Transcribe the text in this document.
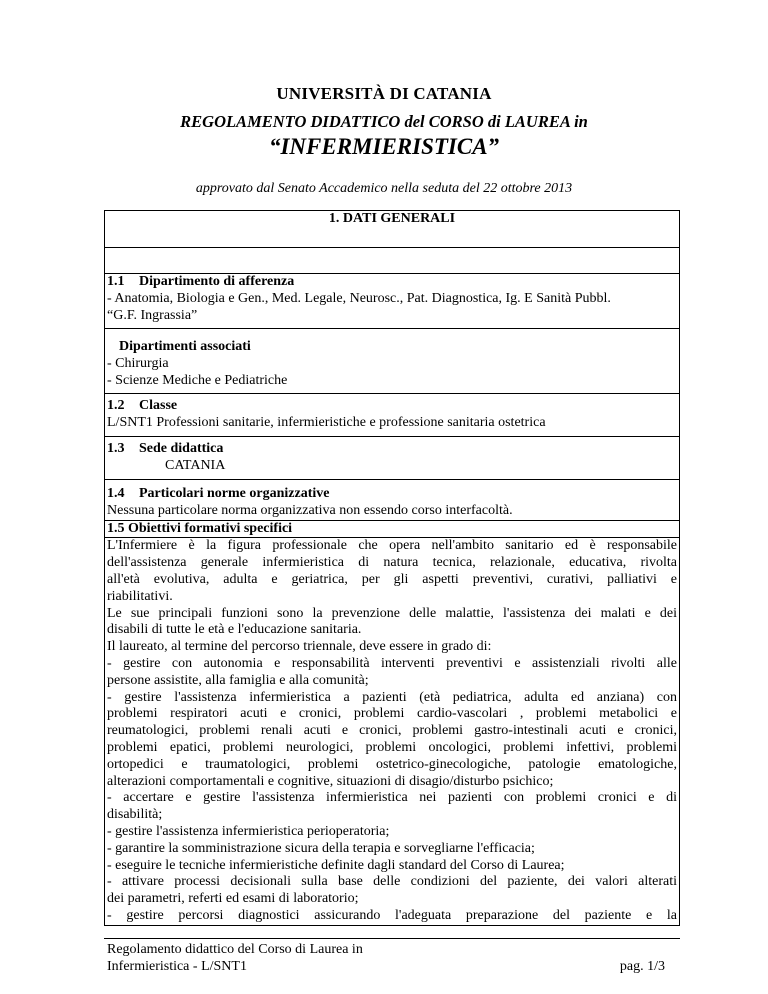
UNIVERSITÀ DI CATANIA
REGOLAMENTO DIDATTICO del CORSO di LAUREA in
“INFERMIERISTICA”
approvato dal Senato Accademico nella seduta del 22 ottobre 2013
1. DATI GENERALI

1.1 Dipartimento di afferenza
- Anatomia, Biologia e Gen., Med. Legale, Neurosc., Pat. Diagnostica, Ig. E Sanità Pubbl.
“G.F. Ingrassia”

Dipartimenti associati
- Chirurgia
- Scienze Mediche e Pediatriche

1.2 Classe
L/SNT1 Professioni sanitarie, infermieristiche e professione sanitaria ostetrica

1.3 Sede didattica
CATANIA

1.4 Particolari norme organizzative
Nessuna particolare norma organizzativa non essendo corso interfacoltà.

1.5 Obiettivi formativi specifici

L'Infermiere è la figura professionale che opera nell'ambito sanitario ed è responsabile
dell'assistenza generale infermieristica di natura tecnica, relazionale, educativa, rivolta
all'età evolutiva, adulta e geriatrica, per gli aspetti preventivi, curativi, palliativi e
riabilitativi.
Le sue principali funzioni sono la prevenzione delle malattie, l'assistenza dei malati e dei
disabili di tutte le età e l'educazione sanitaria.
Il laureato, al termine del percorso triennale, deve essere in grado di:
- gestire con autonomia e responsabilità interventi preventivi e assistenziali rivolti alle
persone assistite, alla famiglia e alla comunità;
- gestire l'assistenza infermieristica a pazienti (età pediatrica, adulta ed anziana) con
problemi respiratori acuti e cronici, problemi cardio-vascolari , problemi metabolici e
reumatologici, problemi renali acuti e cronici, problemi gastro-intestinali acuti e cronici,
problemi epatici, problemi neurologici, problemi oncologici, problemi infettivi, problemi
ortopedici e traumatologici, problemi ostetrico-ginecologiche, patologie ematologiche,
alterazioni comportamentali e cognitive, situazioni di disagio/disturbo psichico;
- accertare e gestire l'assistenza infermieristica nei pazienti con problemi cronici e di
disabilità;
- gestire l'assistenza infermieristica perioperatoria;
- garantire la somministrazione sicura della terapia e sorvegliarne l'efficacia;
- eseguire le tecniche infermieristiche definite dagli standard del Corso di Laurea;
- attivare processi decisionali sulla base delle condizioni del paziente, dei valori alterati
dei parametri, referti ed esami di laboratorio;
- gestire percorsi diagnostici assicurando l'adeguata preparazione del paziente e la
Regolamento didattico del Corso di Laurea in
Infermieristica - L/SNT1	pag. 1/3
